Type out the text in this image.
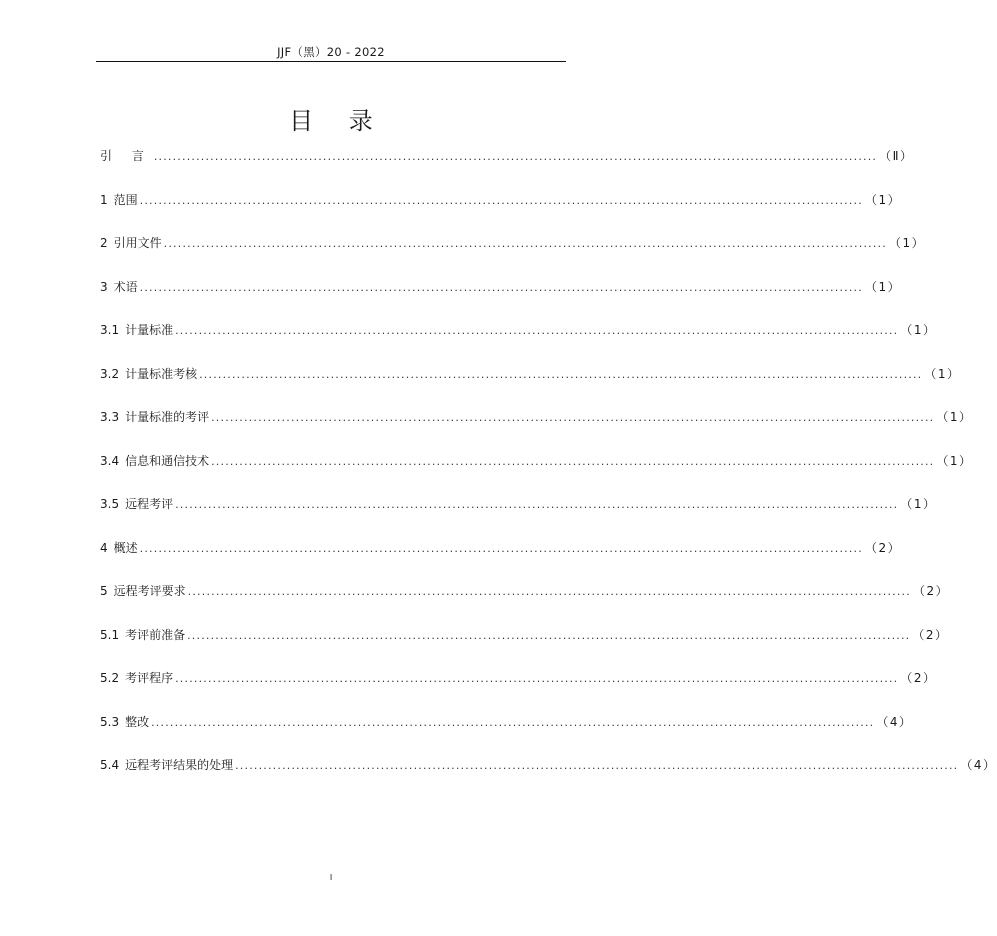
JJF（黑）20 - 2022
目 录
引 言 .......................................................................................................................................................... （Ⅱ）
1 范围 .......................................................................................................................................................... （1）
2 引用文件 .......................................................................................................................................................... （1）
3 术语 .......................................................................................................................................................... （1）
3.1 计量标准 .......................................................................................................................................................... （1）
3.2 计量标准考核 .......................................................................................................................................................... （1）
3.3 计量标准的考评 .......................................................................................................................................................... （1）
3.4 信息和通信技术 .......................................................................................................................................................... （1）
3.5 远程考评 .......................................................................................................................................................... （1）
4 概述 .......................................................................................................................................................... （2）
5 远程考评要求 .......................................................................................................................................................... （2）
5.1 考评前准备 .......................................................................................................................................................... （2）
5.2 考评程序 .......................................................................................................................................................... （2）
5.3 整改 .......................................................................................................................................................... （4）
5.4 远程考评结果的处理 .......................................................................................................................................................... （4）
I
